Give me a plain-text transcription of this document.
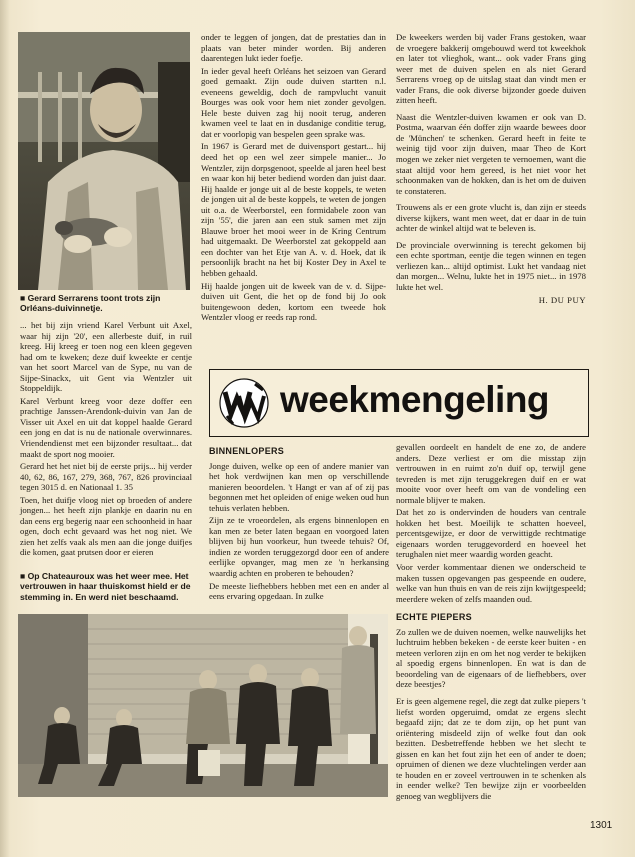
■ Gerard Serrarens toont trots zijn Orléans-duivinnetje.

... het bij zijn vriend Karel Verbunt uit Axel, waar hij zijn '20', een allerbeste duif, in ruil kreeg. Hij kreeg er toen nog een kleen gegeven had om te kweken; deze duif kweekte er centje van het soort Marcel van de Sype, nu van de Sijpe-Sinackx, uit Gent via Wentzler uit Stoppeldijk.

Karel Verbunt kreeg voor deze doffer een prachtige Janssen-Arendonk-duivin van Jan de Visser uit Axel en uit dat koppel haalde Gerard een jong en dat is nu de nationale overwinnares. Vriendendienst met een bijzonder resultaat... dat maakt de sport nog mooier.

Gerard het het niet bij de eerste prijs... hij verder 40, 62, 86, 167, 279, 368, 767, 826 provinciaal tegen 3015 d. en Nationaal 1. 35

Toen, het duifje vloog niet op broeden of andere jongen... het heeft zijn plankje en daarin nu en dan eens erg begerig naar een schoonheid in haar ogen, doch echt gevaard was het nog niet. We zien het zelfs vaak als men aan die jonge duifjes die komen, gaat prutsen door er eieren

■ Op Chateauroux was het weer mee. Het vertrouwen in haar thuiskomst hield er de stemming in. En werd niet beschaamd.

onder te leggen of jongen, dat de prestaties dan in plaats van beter minder worden. Bij anderen daarentegen lukt ieder foefje.

In ieder geval heeft Orléans het seizoen van Gerard goed gemaakt. Zijn oude duiven startten n.l. eveneens geweldig, doch de rampvlucht vanuit Bourges was ook voor hem niet zonder gevolgen. Hele beste duiven zag hij nooit terug, anderen kwamen veel te laat en in dusdanige conditie terug, dat er voorlopig van bespelen geen sprake was.

In 1967 is Gerard met de duivensport gestart... hij deed het op een wel zeer simpele manier... Jo Wentzler, zijn dorpsgenoot, speelde al jaren heel best en waar kon hij beter bediend worden dan juist daar. Hij haalde er jonge uit al de beste koppels, te weten de jongen uit al de beste koppels, te weten de jongen uit o.a. de Weerborstel, een formidabele zoon van zijn '55', die jaren aan een stuk samen met zijn Blauwe broer het mooi weer in de Kring Centrum had uitgemaakt. De Weerborstel zat gekoppeld aan een dochter van het Etje van A. v. d. Hoek, dat ik persoonlijk bracht na het bij Koster Dey in Axel te hebben gehaald.

Hij haalde jongen uit de kweek van de v. d. Sijpe-duiven uit Gent, die het op de fond bij Jo ook buitengewoon deden, kortom een tweede hok Wentzler vloog er reeds rap rond.

De kweekers werden bij vader Frans gestoken, waar de vroegere bakkerij omgebouwd werd tot kweekhok en later tot vlieghok, want... ook vader Frans ging weer met de duiven spelen en als niet Gerard Serrarens vroeg op de uitslag staat dan vindt men er vader Frans, die ook diverse bijzonder goede duiven zitten heeft.

Naast die Wentzler-duiven kwamen er ook van D. Postma, waarvan één doffer zijn waarde bewees door de 'München' te schenken. Gerard heeft in feite te weinig tijd voor zijn duiven, maar Theo de Kort mogen we zeker niet vergeten te vernoemen, want die staat altijd voor hem gereed, is het niet voor het schoonmaken van de hokken, dan is het om de duiven te constateren.

Trouwens als er een grote vlucht is, dan zijn er steeds diverse kijkers, want men weet, dat er daar in de tuin achter de winkel altijd wat te beleven is.

De provinciale overwinning is terecht gekomen bij een echte sportman, eentje die tegen winnen en tegen verliezen kan... altijd optimist. Lukt het vandaag niet dan morgen... Welnu, lukte het in 1975 niet... in 1978 lukte het wel.

H. DU PUY
weekmengeling
BINNENLOPERS

Jonge duiven, welke op een of andere manier van het hok verdwijnen kan men op verschillende manieren beoordelen. 't Hangt er van af of zij pas begonnen met het opleiden of enige weken oud hun tehuis verlaten hebben.

Zijn ze te vroeordelen, als ergens binnenlopen en kan men ze beter laten begaan en voorgoed laten blijven bij hun voorkeur, hun tweede tehuis? Of, indien ze worden teruggezorgd door een of andere eerlijke opvanger, mag men ze 'n herkansing waardig achten en proberen te behouden?

De meeste liefhebbers hebben met een en ander al eens ervaring opgedaan. In zulke

gevallen oordeelt en handelt de ene zo, de andere anders. Deze verliest er om die misstap zijn vertrouwen in en ruimt zo'n duif op, terwijl gene tevreden is met zijn teruggekregen duif en er wat mooite voor over heeft om van de vondeling een normale blijver te maken.

Dat het zo is ondervinden de houders van centrale hokken het best. Moeilijk te schatten hoeveel, percentsgewijze, er door de verwittigde rechtmatige eigenaars worden teruggevorderd en hoeveel het terughalen niet meer waardig worden geacht.

Voor verder kommentaar dienen we onderscheid te maken tussen opgevangen pas gespeende en oudere, welke van hun thuis en van de reis zijn kwijtgespeeld; meerdere weken of zelfs maanden oud.

ECHTE PIEPERS

Zo zullen we de duiven noemen, welke nauwelijks het luchtruim hebben bekeken - de eerste keer buiten - en meteen verloren zijn en om het nog verder te bekijken al spoedig ergens binnenlopen. En wat is dan de beoordeling van de eigenaars of de liefhebbers, over deze beestjes?

Er is geen algemene regel, die zegt dat zulke piepers 't liefst worden opgeruimd, omdat ze ergens slecht begaafd zijn; dat ze te dom zijn, op het punt van oriëntering misdeeld zijn of welke fout dan ook bezitten. Desbetreffende hebben we het slecht te gissen en kan het fout zijn het een of ander te doen; opruimen of dienen we deze vluchtelingen verder aan te houden en er zoveel vertrouwen in te schenken als in eender welke? Ten bewijze zijn er voorbeelden genoeg van wegblijvers die

1301
